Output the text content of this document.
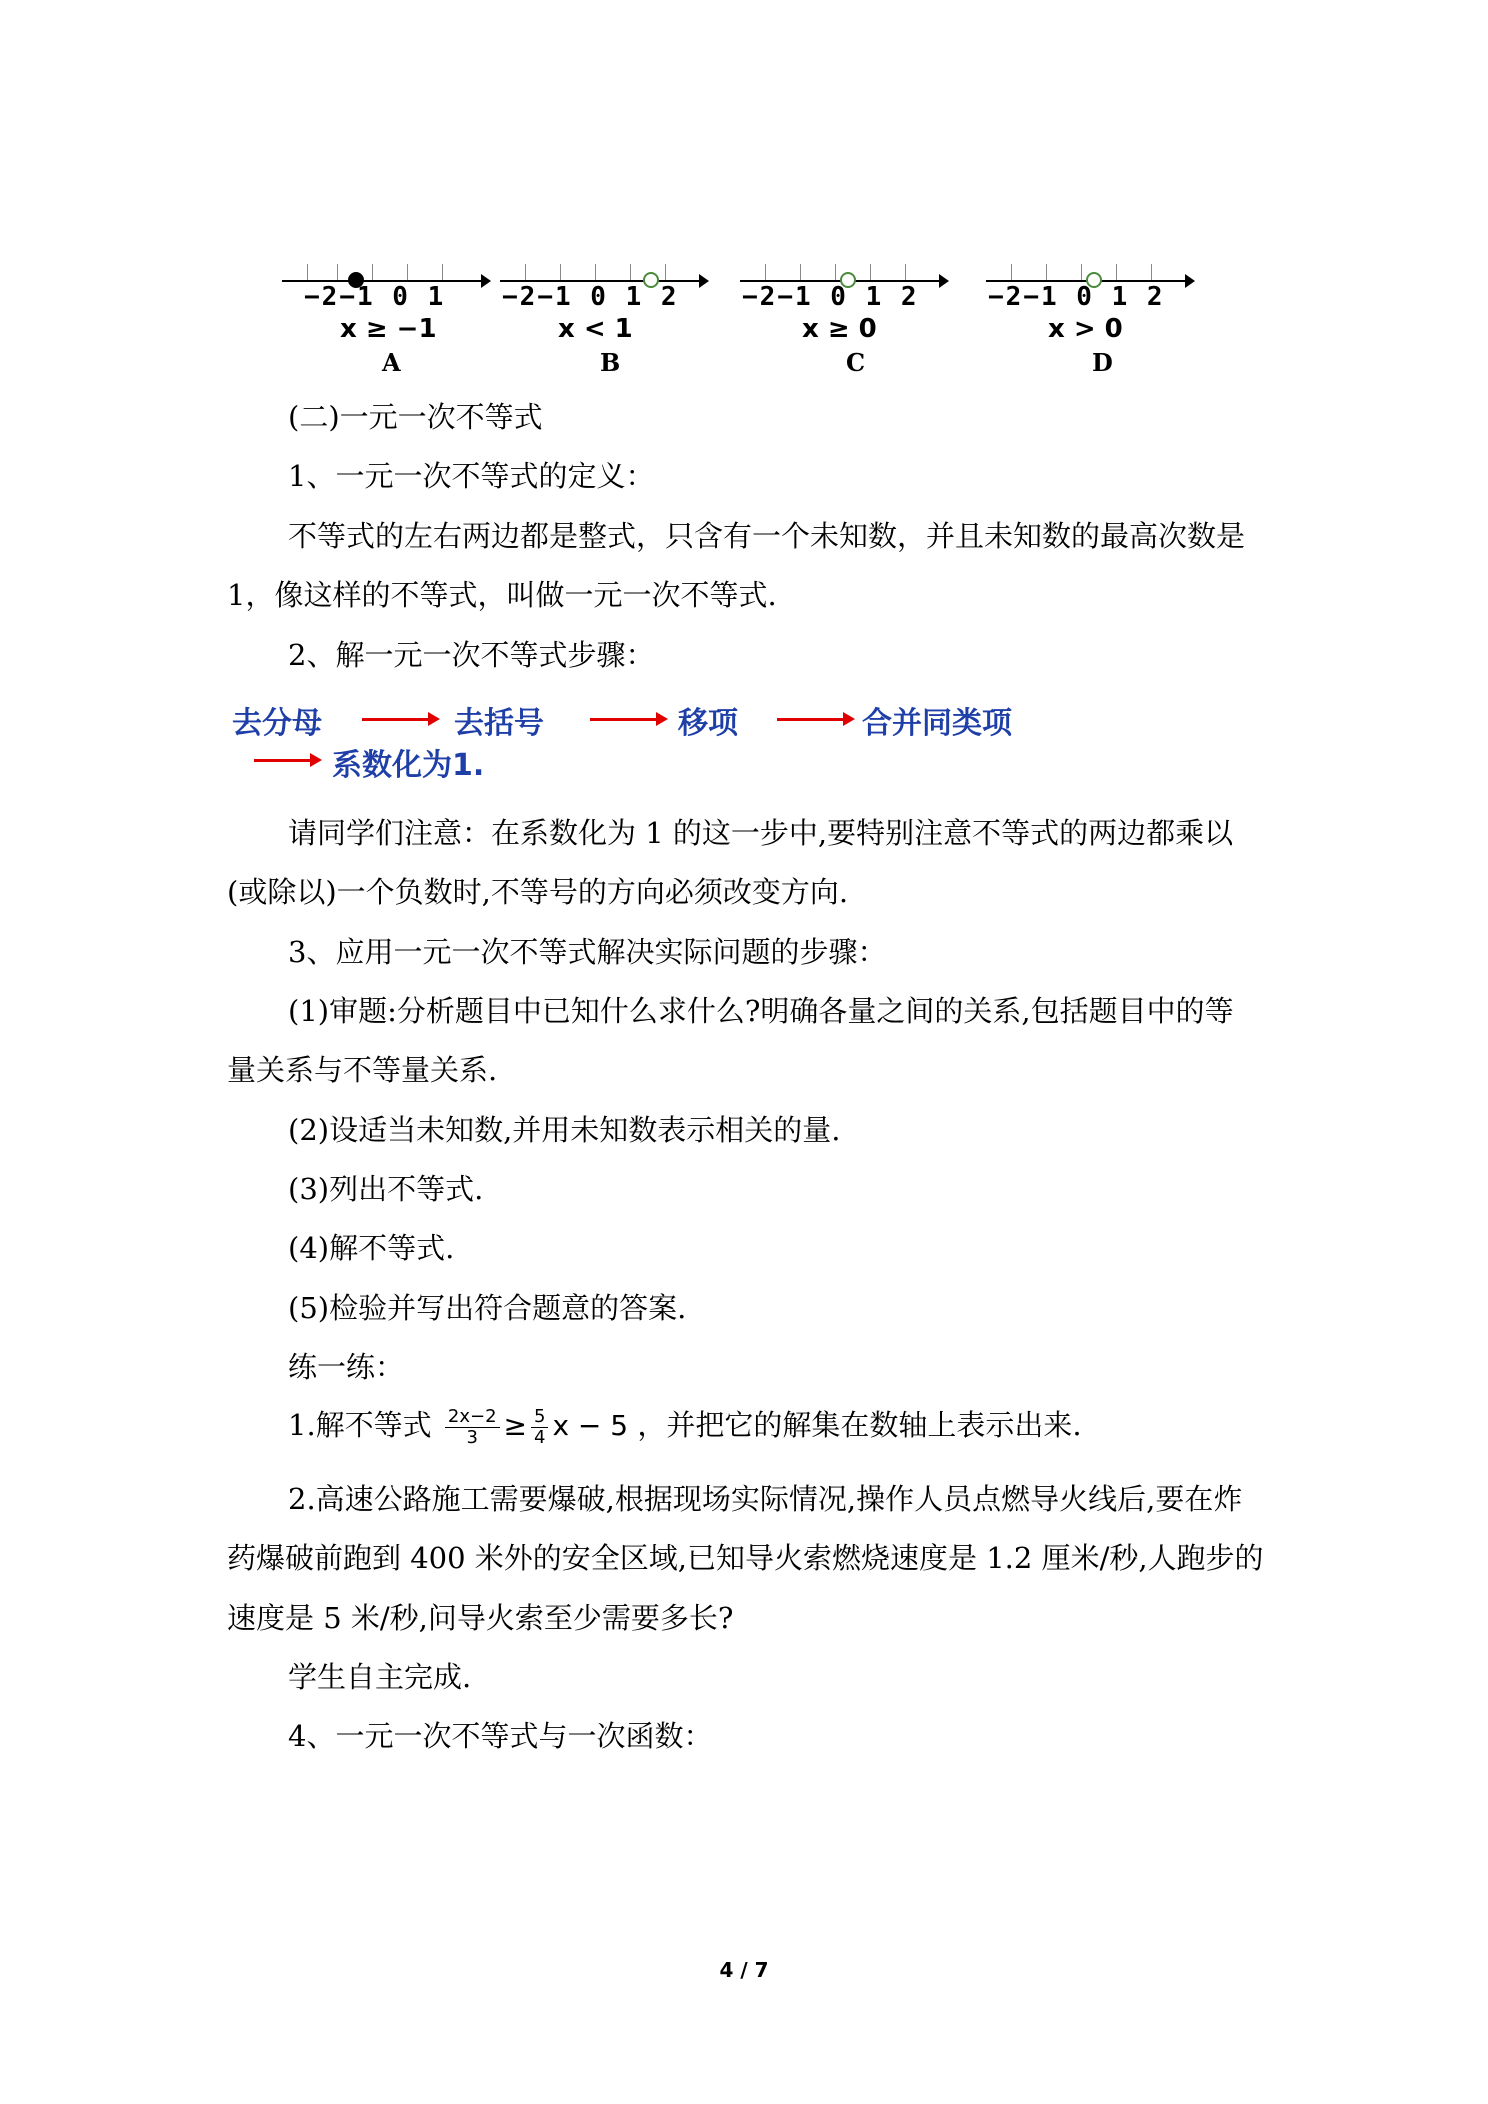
−2−1 0 1
x ≥ −1
A
−2−1 0 1 2
x < 1
B
−2−1 0 1 2
x ≥ 0
C
−2−1 0 1 2
x > 0
D
(二)一元一次不等式
1、一元一次不等式的定义：
不等式的左右两边都是整式，只含有一个未知数，并且未知数的最高次数是
1，像这样的不等式，叫做一元一次不等式.
2、解一元一次不等式步骤：
去分母	去括号	移项	合并同类项
系数化为1.
请同学们注意：在系数化为 1 的这一步中,要特别注意不等式的两边都乘以
(或除以)一个负数时,不等号的方向必须改变方向.
3、应用一元一次不等式解决实际问题的步骤：
(1)审题:分析题目中已知什么求什么?明确各量之间的关系,包括题目中的等
量关系与不等量关系.
(2)设适当未知数,并用未知数表示相关的量.
(3)列出不等式.
(4)解不等式.
(5)检验并写出符合题意的答案.
练一练：
1.解不等式 $\frac{2x-2}{3} \ge \frac{5}{4}$ x − 5 ，并把它的解集在数轴上表示出来.
2.高速公路施工需要爆破,根据现场实际情况,操作人员点燃导火线后,要在炸
药爆破前跑到 400 米外的安全区域,已知导火索燃烧速度是 1.2 厘米/秒,人跑步的
速度是 5 米/秒,问导火索至少需要多长?
学生自主完成.
4、一元一次不等式与一次函数：
4 / 7
